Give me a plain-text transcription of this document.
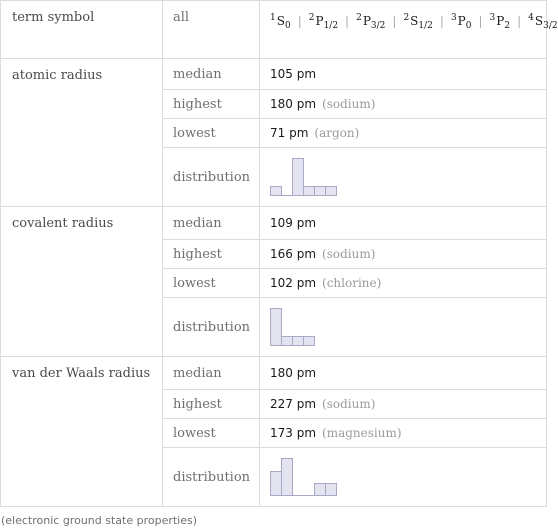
term symbol	all	$^1S_0$ | $^2P_{1/2}$ | $^2P_{3/2}$ | $^2S_{1/2}$ | $^3P_0$ | $^3P_2$ | $^4S_{3/2}$
atomic radius	median	105 pm
	highest	180 pm (sodium)
	lowest	71 pm (argon)
	distribution	

covalent radius	median	109 pm
	highest	166 pm (sodium)
	lowest	102 pm (chlorine)
	distribution	

van der Waals radius	median	180 pm
	highest	227 pm (sodium)
	lowest	173 pm (magnesium)
	distribution	
(electronic ground state properties)
